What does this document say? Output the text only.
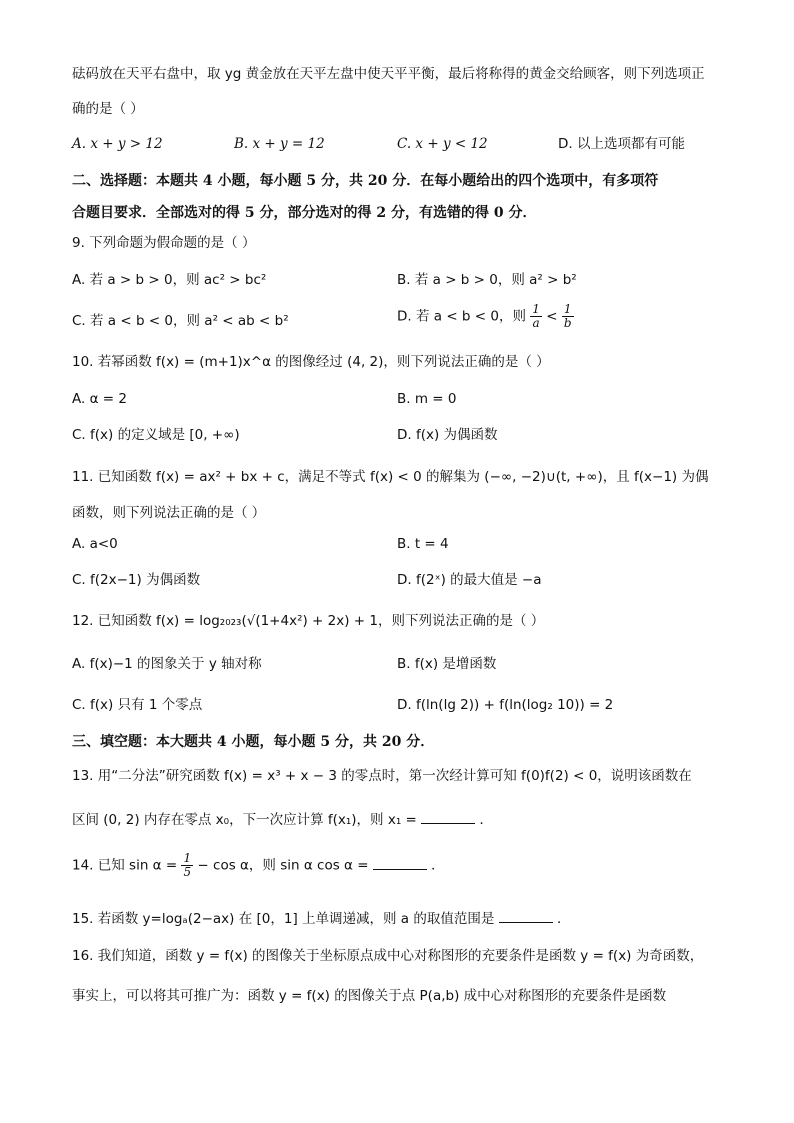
砝码放在天平右盘中，取 yg 黄金放在天平左盘中使天平平衡，最后将称得的黄金交给顾客，则下列选项正
确的是（ ）
A. x + y > 12	B. x + y = 12	C. x + y < 12	D. 以上选项都有可能
二、选择题：本题共 4 小题，每小题 5 分，共 20 分．在每小题给出的四个选项中，有多项符
合题目要求．全部选对的得 5 分，部分选对的得 2 分，有选错的得 0 分．
9. 下列命题为假命题的是（ ）
A. 若 a > b > 0，则 ac² > bc²	B. 若 a > b > 0，则 a² > b²
C. 若 a < b < 0，则 a² < ab < b²	D. 若 a < b < 0，则 $\frac{1}{a} < \frac{1}{b}$
10. 若幂函数 f(x) = (m+1)x^α 的图像经过 (4, 2)，则下列说法正确的是（ ）
A. α = 2	B. m = 0
C. f(x) 的定义域是 [0, +∞)	D. f(x) 为偶函数
11. 已知函数 f(x) = ax² + bx + c，满足不等式 f(x) < 0 的解集为 (−∞, −2)∪(t, +∞)，且 f(x−1) 为偶
函数，则下列说法正确的是（ ）
A. a<0	B. t = 4
C. f(2x−1) 为偶函数	D. f(2ˣ) 的最大值是 −a
12. 已知函数 f(x) = log₂₀₂₃(√(1+4x²) + 2x) + 1，则下列说法正确的是（ ）
A. f(x)−1 的图象关于 y 轴对称	B. f(x) 是增函数
C. f(x) 只有 1 个零点	D. f(ln(lg 2)) + f(ln(log₂ 10)) = 2
三、填空题：本大题共 4 小题，每小题 5 分，共 20 分．
13. 用“二分法”研究函数 f(x) = x³ + x − 3 的零点时，第一次经计算可知 f(0)f(2) < 0，说明该函数在
区间 (0, 2) 内存在零点 x₀，下一次应计算 f(x₁)，则 x₁ =	．
14. 已知 $\sin \alpha = \frac{1}{5} - \cos \alpha$，则 sin α cos α =	．
15. 若函数 y=logₐ(2−ax) 在 [0，1] 上单调递减，则 a 的取值范围是	．
16. 我们知道，函数 y = f(x) 的图像关于坐标原点成中心对称图形的充要条件是函数 y = f(x) 为奇函数，
事实上，可以将其可推广为：函数 y = f(x) 的图像关于点 P(a,b) 成中心对称图形的充要条件是函数
